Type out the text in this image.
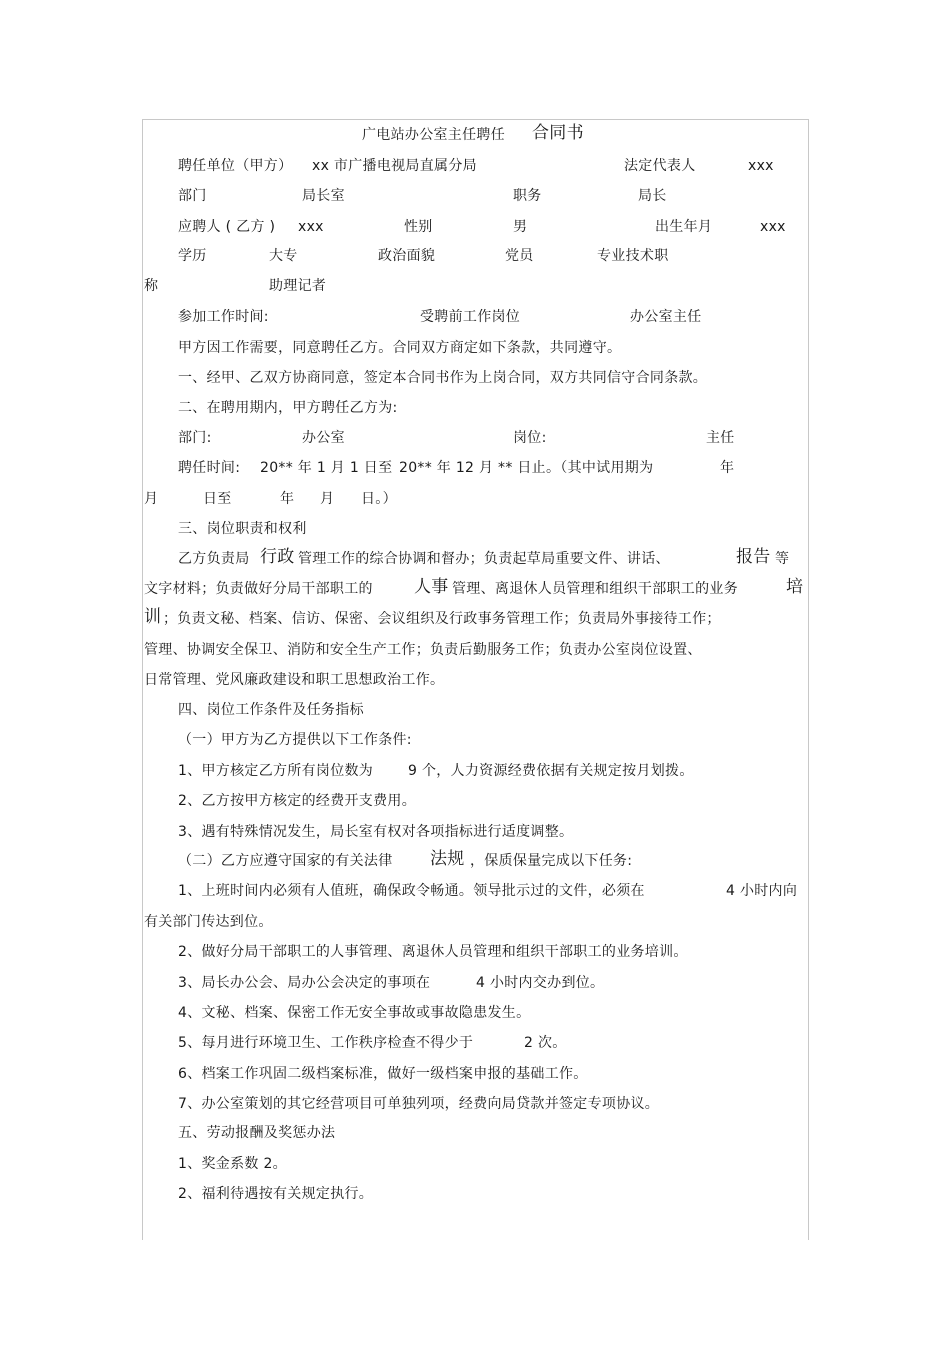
广电站办公室主任聘任 合同书
聘任单位（甲方） xx 市广播电视局直属分局	法定代表人	xxx
部门	局长室	职务	局长
应聘人 ( 乙方 ) xxx	性别	男	出生年月	xxx
学历	大专	政治面貌	党员	专业技术职
称	助理记者
参加工作时间:	受聘前工作岗位	办公室主任
甲方因工作需要，同意聘任乙方。合同双方商定如下条款，共同遵守。
一、经甲、乙双方协商同意，签定本合同书作为上岗合同，双方共同信守合同条款。
二、在聘用期内，甲方聘任乙方为:
部门:	办公室	岗位:	主任
聘任时间: 20** 年 1 月 1 日至 20** 年 12 月 ** 日止。（其中试用期为	年
月	日至	年 月 日。）
三、岗位职责和权利
乙方负责局 行政 管理工作的综合协调和督办；负责起草局重要文件、讲话、	报告 等
文字材料；负责做好分局干部职工的 人事 管理、离退休人员管理和组织干部职工的业务	培
训 ；负责文秘、档案、信访、保密、会议组织及行政事务管理工作；负责局外事接待工作；
管理、协调安全保卫、消防和安全生产工作；负责后勤服务工作；负责办公室岗位设置、
日常管理、党风廉政建设和职工思想政治工作。
四、岗位工作条件及任务指标
（一）甲方为乙方提供以下工作条件:
1、甲方核定乙方所有岗位数为 9 个，人力资源经费依据有关规定按月划拨。
2、乙方按甲方核定的经费开支费用。
3、遇有特殊情况发生，局长室有权对各项指标进行适度调整。
（二）乙方应遵守国家的有关法律 法规 ，保质保量完成以下任务:
1、上班时间内必须有人值班，确保政令畅通。领导批示过的文件，必须在	4 小时内向
有关部门传达到位。
2、做好分局干部职工的人事管理、离退休人员管理和组织干部职工的业务培训。
3、局长办公会、局办公会决定的事项在	4 小时内交办到位。
4、文秘、档案、保密工作无安全事故或事故隐患发生。
5、每月进行环境卫生、工作秩序检查不得少于	2 次。
6、档案工作巩固二级档案标准，做好一级档案申报的基础工作。
7、办公室策划的其它经营项目可单独列项，经费向局贷款并签定专项协议。
五、劳动报酬及奖惩办法
1、奖金系数 2。
2、福利待遇按有关规定执行。
